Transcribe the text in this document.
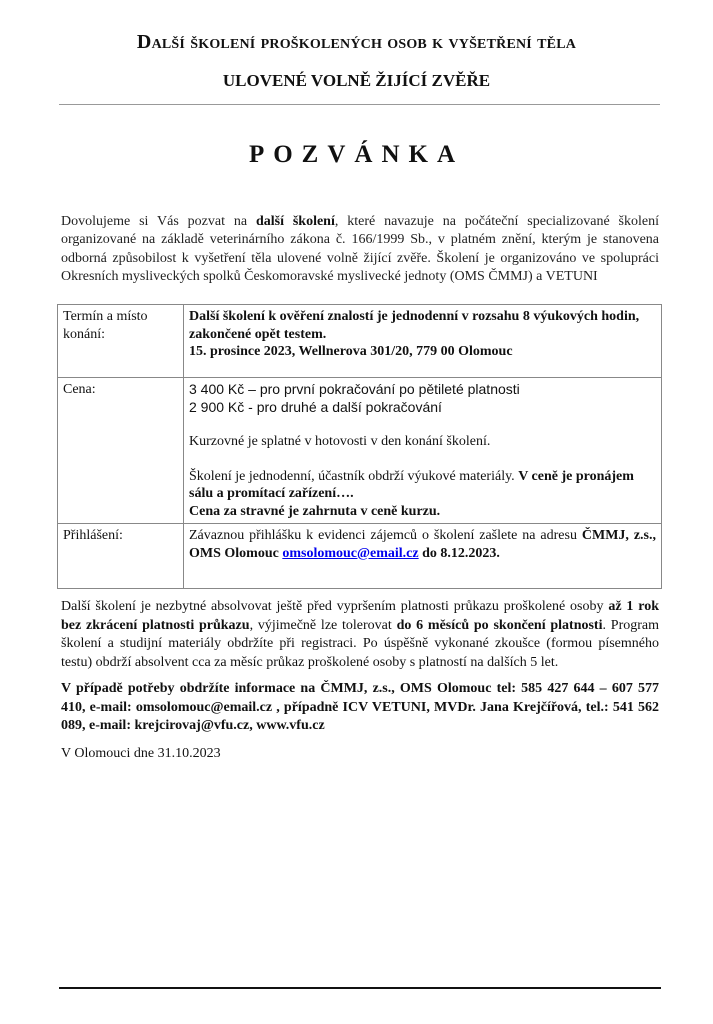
Další školení proškolených osob k vyšetření těla
ULOVENÉ VOLNĚ ŽIJÍCÍ ZVĚŘE
POZVÁNKA
Dovolujeme si Vás pozvat na další školení, které navazuje na počáteční specializované školení organizované na základě veterinárního zákona č. 166/1999 Sb., v platném znění, kterým je stanovena odborná způsobilost k vyšetření těla ulovené volně žijící zvěře. Školení je organizováno ve spolupráci Okresních mysliveckých spolků Českomoravské myslivecké jednoty (OMS ČMMJ) a VETUNI
Termín a místo konání:	Další školení k ověření znalostí je jednodenní v rozsahu 8 výukových hodin, zakončené opět testem.
15. prosince 2023, Wellnerova 301/20, 779 00 Olomouc

Cena:	3 400 Kč – pro první pokračování po pětileté platnosti
2 900 Kč - pro druhé a další pokračování
Kurzovné je splatné v hotovosti v den konání školení.
Školení je jednodenní, účastník obdrží výukové materiály. V ceně je pronájem sálu a promítací zařízení….
Cena za stravné je zahrnuta v ceně kurzu.

Přihlášení:	Závaznou přihlášku k evidenci zájemců o školení zašlete na adresu ČMMJ, z.s., OMS Olomouc omsolomouc@email.cz do 8.12.2023.
Další školení je nezbytné absolvovat ještě před vypršením platnosti průkazu proškolené osoby až 1 rok bez zkrácení platnosti průkazu, výjimečně lze tolerovat do 6 měsíců po skončení platnosti. Program školení a studijní materiály obdržíte při registraci. Po úspěšně vykonané zkoušce (formou písemného testu) obdrží absolvent cca za měsíc průkaz proškolené osoby s platností na dalších 5 let.
V případě potřeby obdržíte informace na ČMMJ, z.s., OMS Olomouc tel: 585 427 644 – 607 577 410, e-mail: omsolomouc@email.cz , případně ICV VETUNI, MVDr. Jana Krejčířová, tel.: 541 562 089, e-mail: krejcirovaj@vfu.cz, www.vfu.cz
V Olomouci dne 31.10.2023
